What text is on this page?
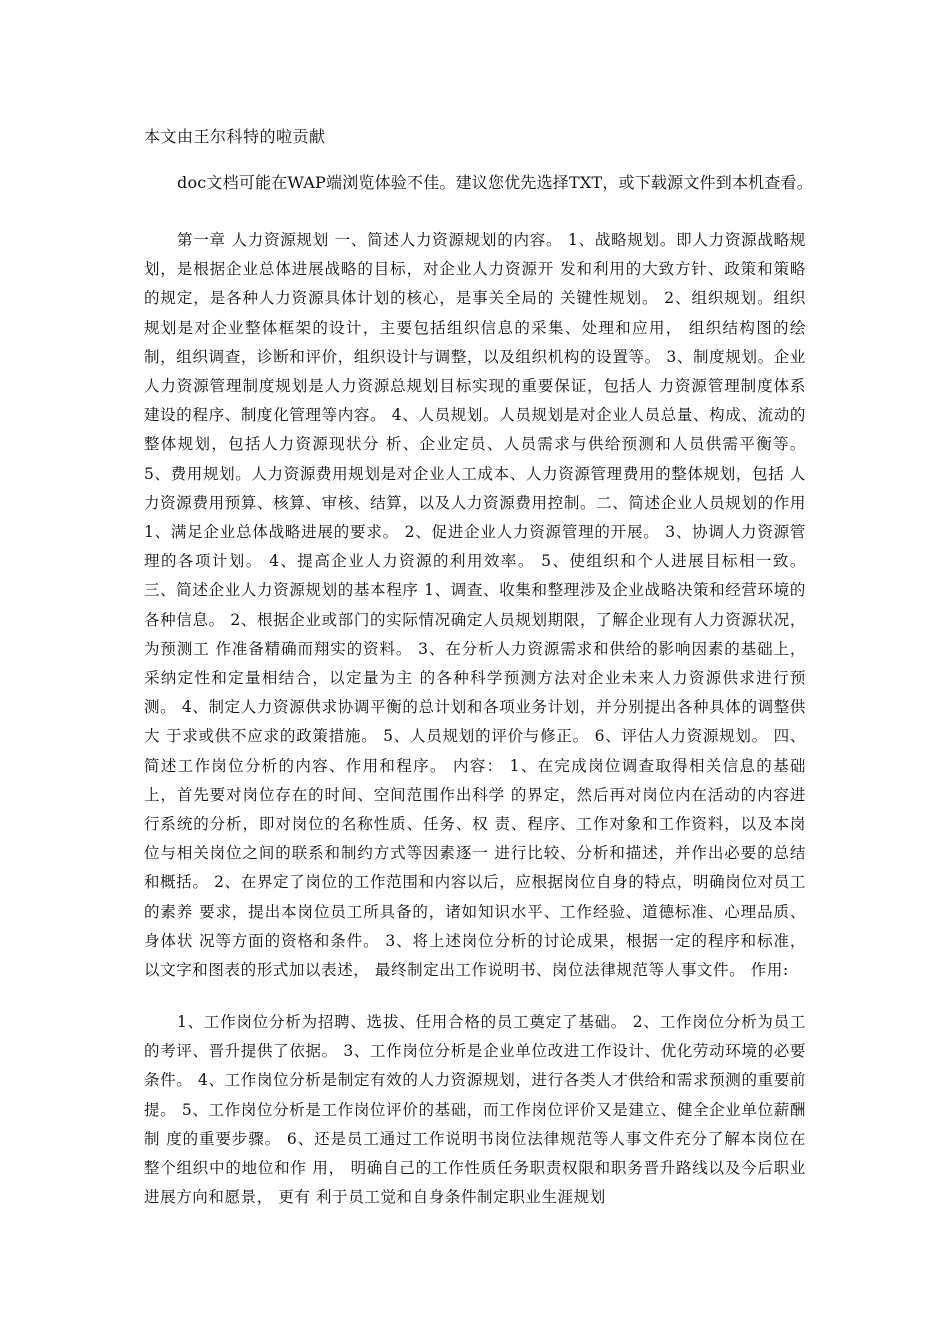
本文由王尔科特的啦贡献
doc文档可能在WAP端浏览体验不佳。建议您优先选择TXT，或下载源文件到本机查看。

第一章 人力资源规划 一、简述人力资源规划的内容。 1、战略规划。即人力资源战略规划，是根据企业总体进展战略的目标，对企业人力资源开 发和利用的大致方针、政策和策略的规定，是各种人力资源具体计划的核心，是事关全局的 关键性规划。 2、组织规划。组织规划是对企业整体框架的设计，主要包括组织信息的采集、处理和应用， 组织结构图的绘制，组织调查，诊断和评价，组织设计与调整，以及组织机构的设置等。 3、制度规划。企业人力资源管理制度规划是人力资源总规划目标实现的重要保证，包括人 力资源管理制度体系建设的程序、制度化管理等内容。 4、人员规划。人员规划是对企业人员总量、构成、流动的整体规划，包括人力资源现状分 析、企业定员、人员需求与供给预测和人员供需平衡等。 5、费用规划。人力资源费用规划是对企业人工成本、人力资源管理费用的整体规划，包括 人力资源费用预算、核算、审核、结算，以及人力资源费用控制。二、简述企业人员规划的作用 1、满足企业总体战略进展的要求。 2、促进企业人力资源管理的开展。 3、协调人力资源管理的各项计划。 4、提高企业人力资源的利用效率。 5、使组织和个人进展目标相一致。 三、简述企业人力资源规划的基本程序 1、调查、收集和整理涉及企业战略决策和经营环境的各种信息。 2、根据企业或部门的实际情况确定人员规划期限，了解企业现有人力资源状况，为预测工 作准备精确而翔实的资料。 3、在分析人力资源需求和供给的影响因素的基础上，采纳定性和定量相结合，以定量为主 的各种科学预测方法对企业未来人力资源供求进行预测。 4、制定人力资源供求协调平衡的总计划和各项业务计划，并分别提出各种具体的调整供大 于求或供不应求的政策措施。 5、人员规划的评价与修正。 6、评估人力资源规划。 四、简述工作岗位分析的内容、作用和程序。 内容： 1、在完成岗位调查取得相关信息的基础上，首先要对岗位存在的时间、空间范围作出科学 的界定，然后再对岗位内在活动的内容进行系统的分析，即对岗位的名称性质、任务、权 责、程序、工作对象和工作资料，以及本岗位与相关岗位之间的联系和制约方式等因素逐一 进行比较、分析和描述，并作出必要的总结和概括。 2、在界定了岗位的工作范围和内容以后，应根据岗位自身的特点，明确岗位对员工的素养 要求，提出本岗位员工所具备的，诸如知识水平、工作经验、道德标准、心理品质、身体状 况等方面的资格和条件。 3、将上述岗位分析的讨论成果，根据一定的程序和标准，以文字和图表的形式加以表述， 最终制定出工作说明书、岗位法律规范等人事文件。 作用:

1、工作岗位分析为招聘、选拔、任用合格的员工奠定了基础。 2、工作岗位分析为员工的考评、晋升提供了依据。 3、工作岗位分析是企业单位改进工作设计、优化劳动环境的必要条件。 4、工作岗位分析是制定有效的人力资源规划，进行各类人才供给和需求预测的重要前提。 5、工作岗位分析是工作岗位评价的基础，而工作岗位评价又是建立、健全企业单位薪酬制 度的重要步骤。 6、还是员工通过工作说明书岗位法律规范等人事文件充分了解本岗位在整个组织中的地位和作 用， 明确自己的工作性质任务职责权限和职务晋升路线以及今后职业进展方向和愿景， 更有 利于员工觉和自身条件制定职业生涯规划
